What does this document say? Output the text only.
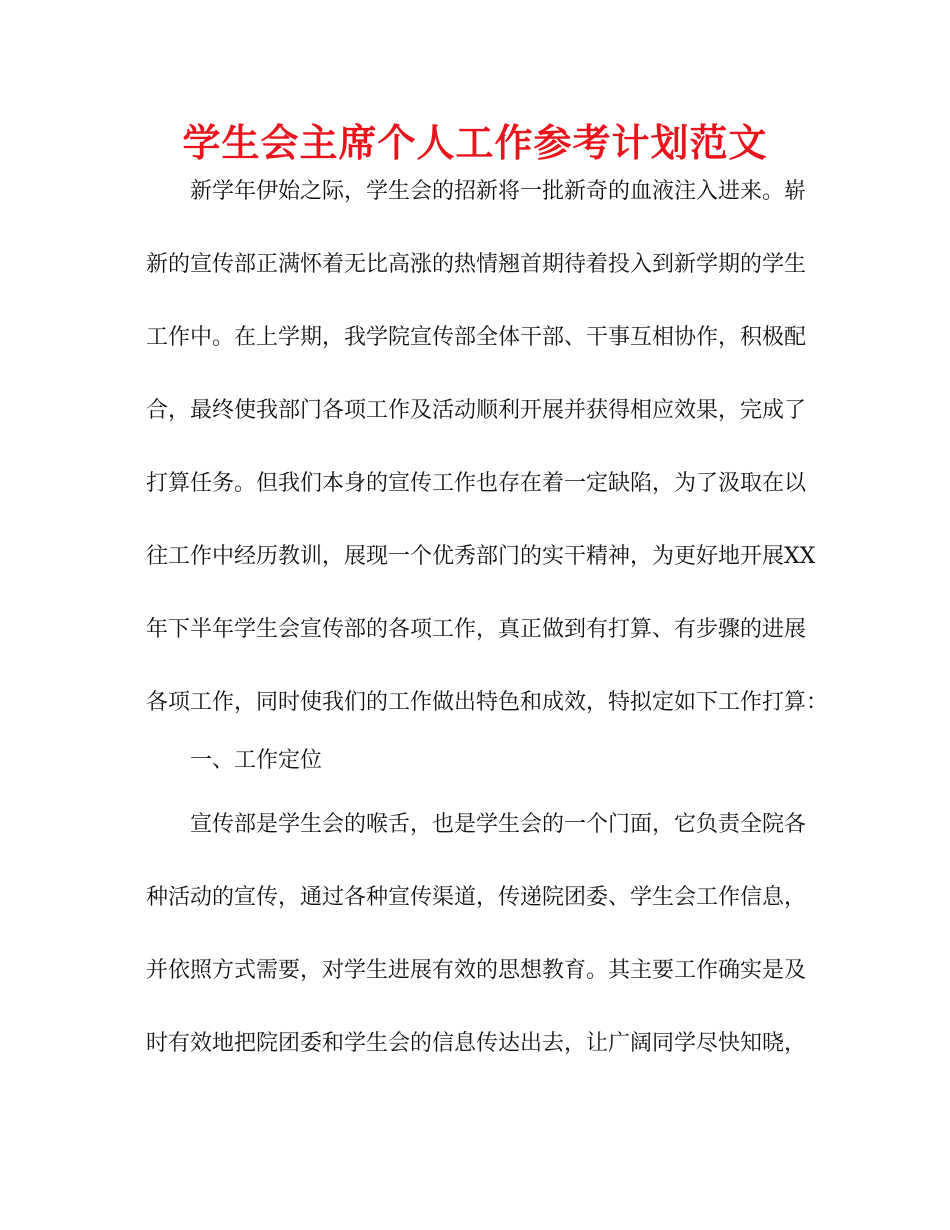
学生会主席个人工作参考计划范文
新学年伊始之际，学生会的招新将一批新奇的血液注入进来。崭
新的宣传部正满怀着无比高涨的热情翘首期待着投入到新学期的学生
工作中。在上学期，我学院宣传部全体干部、干事互相协作，积极配
合，最终使我部门各项工作及活动顺利开展并获得相应效果，完成了
打算任务。但我们本身的宣传工作也存在着一定缺陷，为了汲取在以
往工作中经历教训，展现一个优秀部门的实干精神，为更好地开展XX
年下半年学生会宣传部的各项工作，真正做到有打算、有步骤的进展
各项工作，同时使我们的工作做出特色和成效，特拟定如下工作打算：
一、工作定位
宣传部是学生会的喉舌，也是学生会的一个门面，它负责全院各
种活动的宣传，通过各种宣传渠道，传递院团委、学生会工作信息，
并依照方式需要，对学生进展有效的思想教育。其主要工作确实是及
时有效地把院团委和学生会的信息传达出去，让广阔同学尽快知晓，
